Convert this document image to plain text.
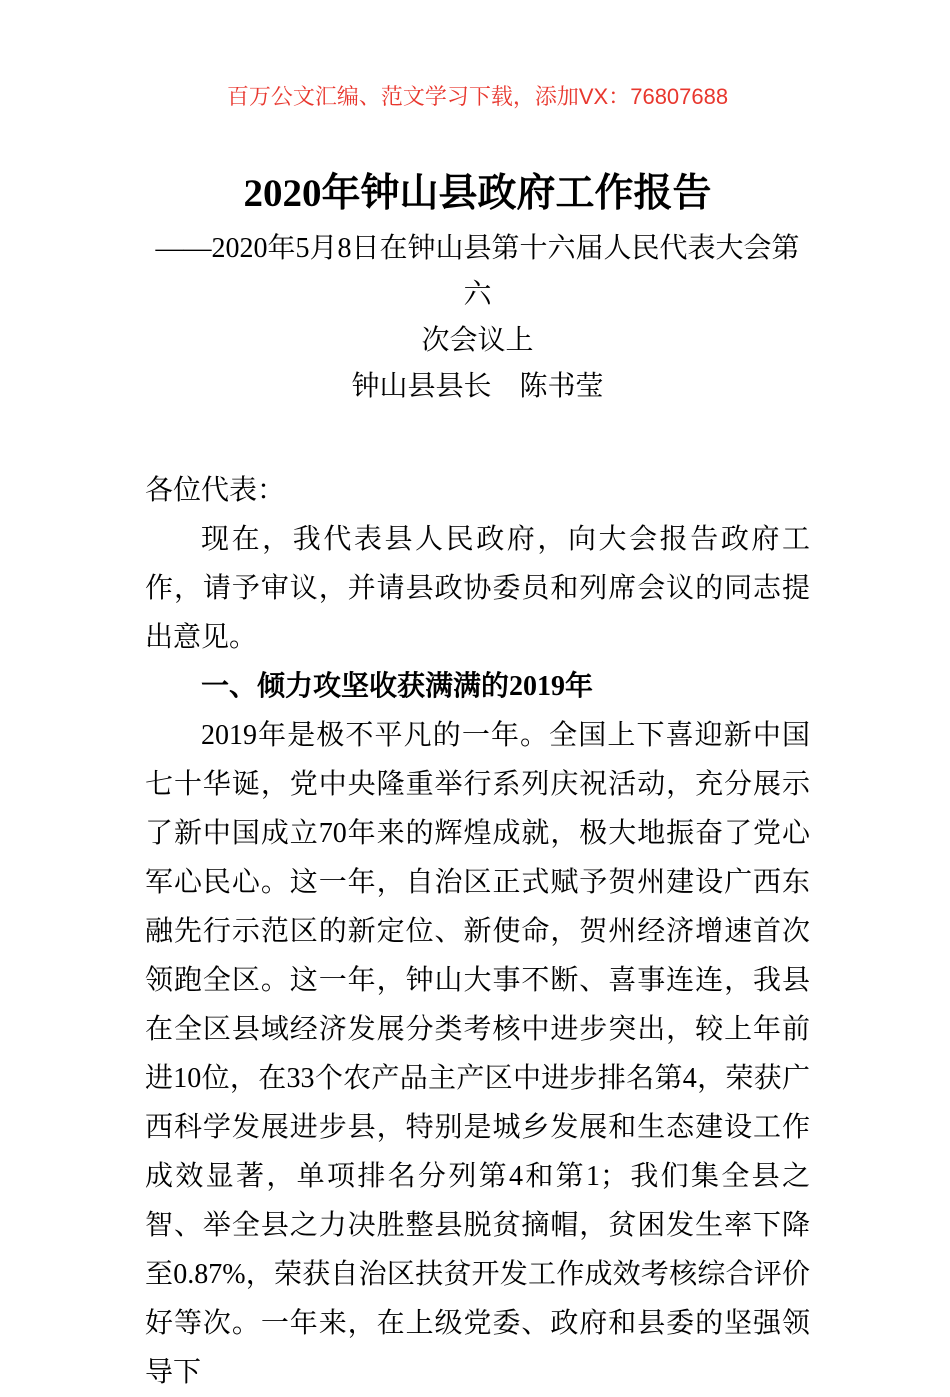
百万公文汇编、范文学习下载，添加VX：76807688
2020年钟山县政府工作报告
——2020年5月8日在钟山县第十六届人民代表大会第六
次会议上
钟山县县长　陈书莹

各位代表：

现在，我代表县人民政府，向大会报告政府工作，请予审议，并请县政协委员和列席会议的同志提出意见。

一、倾力攻坚收获满满的2019年

2019年是极不平凡的一年。全国上下喜迎新中国七十华诞，党中央隆重举行系列庆祝活动，充分展示了新中国成立70年来的辉煌成就，极大地振奋了党心军心民心。这一年，自治区正式赋予贺州建设广西东融先行示范区的新定位、新使命，贺州经济增速首次领跑全区。这一年，钟山大事不断、喜事连连，我县在全区县域经济发展分类考核中进步突出，较上年前进10位，在33个农产品主产区中进步排名第4，荣获广西科学发展进步县，特别是城乡发展和生态建设工作成效显著，单项排名分列第4和第1；我们集全县之智、举全县之力决胜整县脱贫摘帽，贫困发生率下降至0.87%，荣获自治区扶贫开发工作成效考核综合评价好等次。一年来，在上级党委、政府和县委的坚强领导下
